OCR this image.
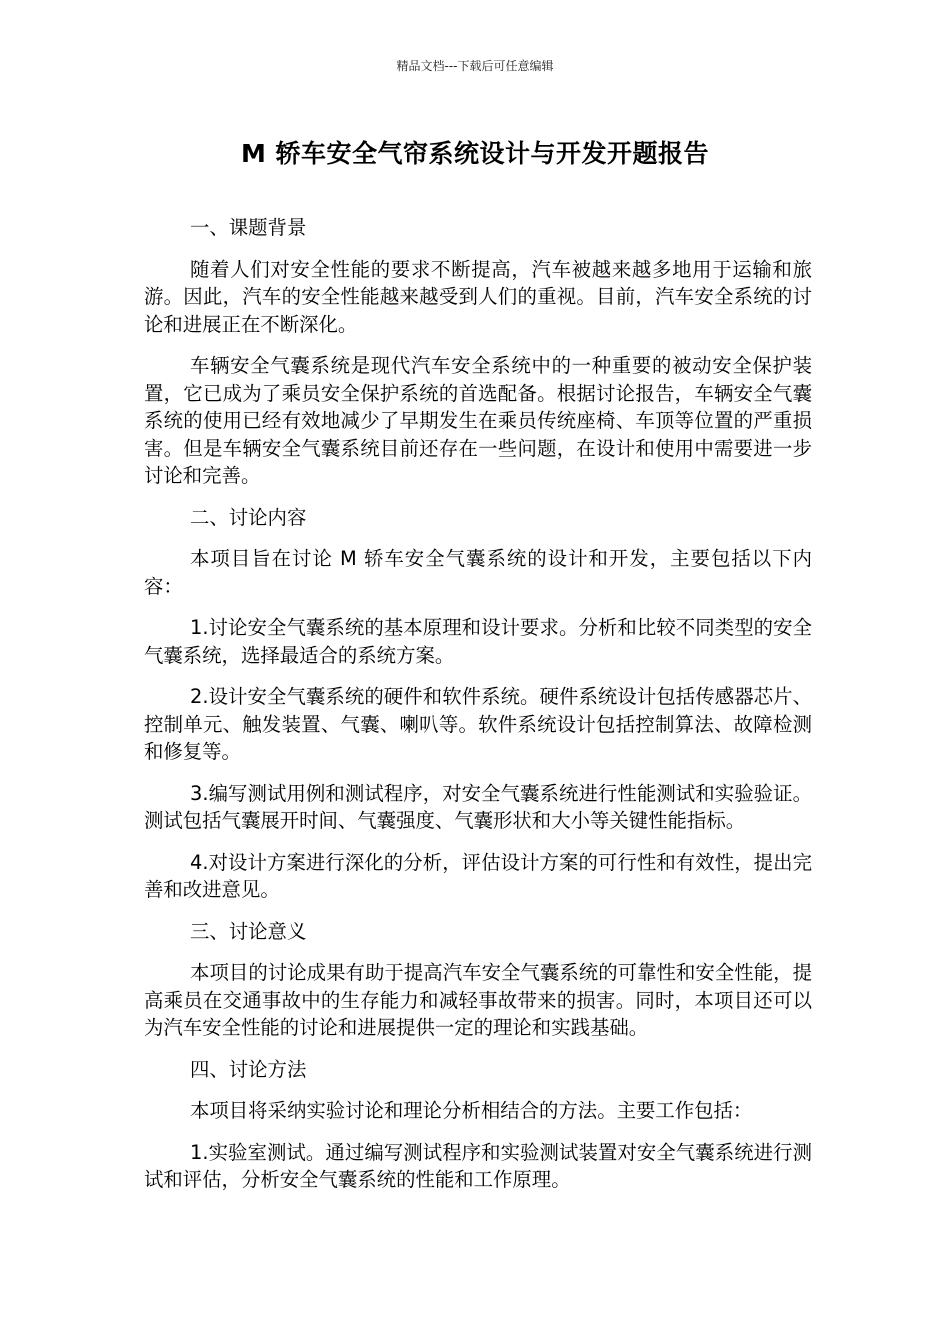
精品文档---下载后可任意编辑
M 轿车安全气帘系统设计与开发开题报告
一、课题背景
随着人们对安全性能的要求不断提高，汽车被越来越多地用于运输和旅游。因此，汽车的安全性能越来越受到人们的重视。目前，汽车安全系统的讨论和进展正在不断深化。
车辆安全气囊系统是现代汽车安全系统中的一种重要的被动安全保护装置，它已成为了乘员安全保护系统的首选配备。根据讨论报告，车辆安全气囊系统的使用已经有效地减少了早期发生在乘员传统座椅、车顶等位置的严重损害。但是车辆安全气囊系统目前还存在一些问题，在设计和使用中需要进一步讨论和完善。
二、讨论内容
本项目旨在讨论 M 轿车安全气囊系统的设计和开发，主要包括以下内容：
1.讨论安全气囊系统的基本原理和设计要求。分析和比较不同类型的安全气囊系统，选择最适合的系统方案。
2.设计安全气囊系统的硬件和软件系统。硬件系统设计包括传感器芯片、控制单元、触发装置、气囊、喇叭等。软件系统设计包括控制算法、故障检测和修复等。
3.编写测试用例和测试程序，对安全气囊系统进行性能测试和实验验证。测试包括气囊展开时间、气囊强度、气囊形状和大小等关键性能指标。
4.对设计方案进行深化的分析，评估设计方案的可行性和有效性，提出完善和改进意见。
三、讨论意义
本项目的讨论成果有助于提高汽车安全气囊系统的可靠性和安全性能，提高乘员在交通事故中的生存能力和减轻事故带来的损害。同时，本项目还可以为汽车安全性能的讨论和进展提供一定的理论和实践基础。
四、讨论方法
本项目将采纳实验讨论和理论分析相结合的方法。主要工作包括：
1.实验室测试。通过编写测试程序和实验测试装置对安全气囊系统进行测试和评估，分析安全气囊系统的性能和工作原理。
